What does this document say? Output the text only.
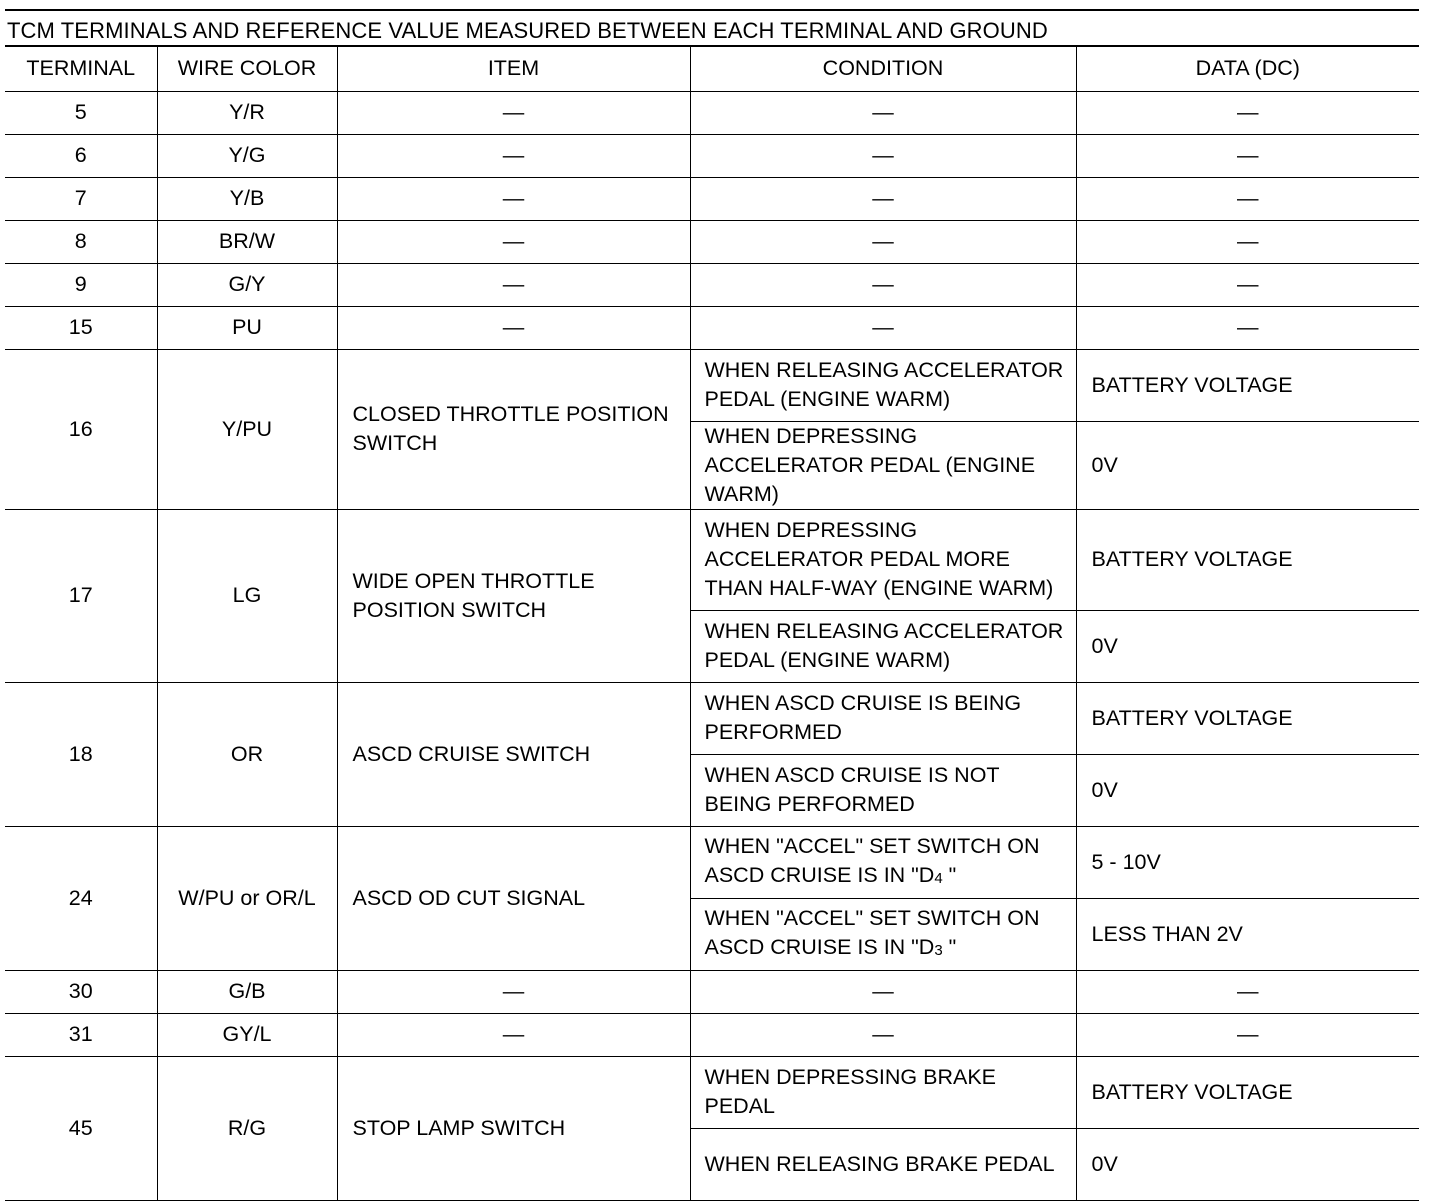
TCM TERMINALS AND REFERENCE VALUE MEASURED BETWEEN EACH TERMINAL AND GROUND
TERMINAL	WIRE COLOR	ITEM	CONDITION	DATA (DC)
5	Y/R	—	—	—
6	Y/G	—	—	—
7	Y/B	—	—	—
8	BR/W	—	—	—
9	G/Y	—	—	—
15	PU	—	—	—
16	Y/PU	CLOSED THROTTLE POSITION SWITCH	WHEN RELEASING ACCELERATOR PEDAL (ENGINE WARM)	BATTERY VOLTAGE
			WHEN DEPRESSING ACCELERATOR PEDAL (ENGINE WARM)	0V
17	LG	WIDE OPEN THROTTLE POSITION SWITCH	WHEN DEPRESSING ACCELERATOR PEDAL MORE THAN HALF-WAY (ENGINE WARM)	BATTERY VOLTAGE
			WHEN RELEASING ACCELERATOR PEDAL (ENGINE WARM)	0V
18	OR	ASCD CRUISE SWITCH	WHEN ASCD CRUISE IS BEING PERFORMED	BATTERY VOLTAGE
			WHEN ASCD CRUISE IS NOT BEING PERFORMED	0V
24	W/PU or OR/L	ASCD OD CUT SIGNAL	WHEN "ACCEL" SET SWITCH ON ASCD CRUISE IS IN "$D_4$ "	5 - 10V
			WHEN "ACCEL" SET SWITCH ON ASCD CRUISE IS IN "$D_3$ "	LESS THAN 2V
30	G/B	—	—	—
31	GY/L	—	—	—
45	R/G	STOP LAMP SWITCH	WHEN DEPRESSING BRAKE PEDAL	BATTERY VOLTAGE
			WHEN RELEASING BRAKE PEDAL	0V
